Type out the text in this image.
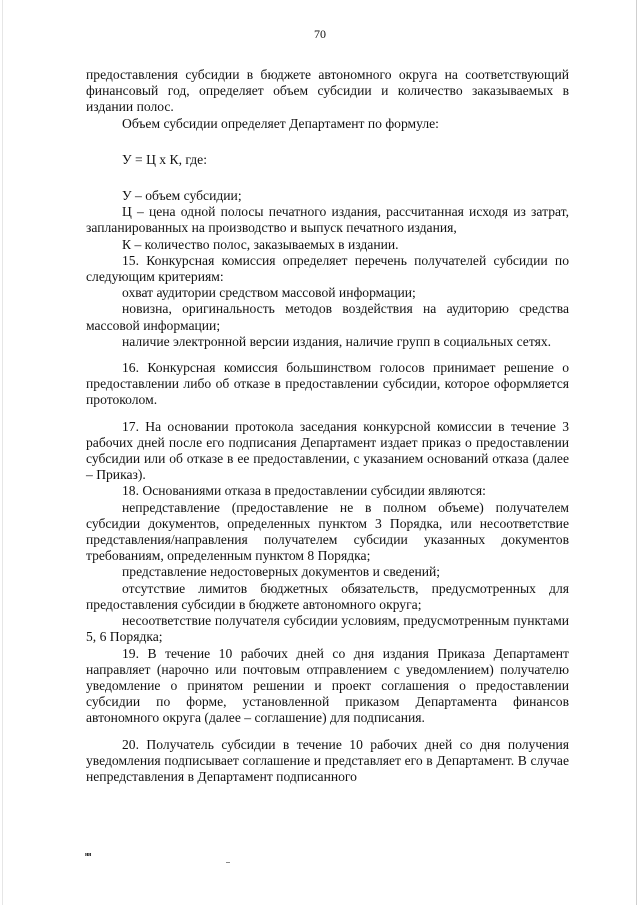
70

предоставления субсидии в бюджете автономного округа на соответствующий финансовый год, определяет объем субсидии и количество заказываемых в издании полос.

Объем субсидии определяет Департамент по формуле:

У = Ц х К, где:

У – объем субсидии;

Ц – цена одной полосы печатного издания, рассчитанная исходя из затрат, запланированных на производство и выпуск печатного издания,

К – количество полос, заказываемых в издании.

15. Конкурсная комиссия определяет перечень получателей субсидии по следующим критериям:

охват аудитории средством массовой информации;

новизна, оригинальность методов воздействия на аудиторию средства массовой информации;

наличие электронной версии издания, наличие групп в социальных сетях.

16. Конкурсная комиссия большинством голосов принимает решение о предоставлении либо об отказе в предоставлении субсидии, которое оформляется протоколом.

17. На основании протокола заседания конкурсной комиссии в течение 3 рабочих дней после его подписания Департамент издает приказ о предоставлении субсидии или об отказе в ее предоставлении, с указанием оснований отказа (далее – Приказ).

18. Основаниями отказа в предоставлении субсидии являются:

непредставление (предоставление не в полном объеме) получателем субсидии документов, определенных пунктом 3 Порядка, или несоответствие представления/направления получателем субсидии указанных документов требованиям, определенным пунктом 8 Порядка;

представление недостоверных документов и сведений;

отсутствие лимитов бюджетных обязательств, предусмотренных для предоставления субсидии в бюджете автономного округа;

несоответствие получателя субсидии условиям, предусмотренным пунктами 5, 6 Порядка;

19. В течение 10 рабочих дней со дня издания Приказа Департамент направляет (нарочно или почтовым отправлением с уведомлением) получателю уведомление о принятом решении и проект соглашения о предоставлении субсидии по форме, установленной приказом Департамента финансов автономного округа (далее – соглашение) для подписания.

20. Получатель субсидии в течение 10 рабочих дней со дня получения уведомления подписывает соглашение и представляет его в Департамент. В случае непредставления в Департамент подписанного

ня
